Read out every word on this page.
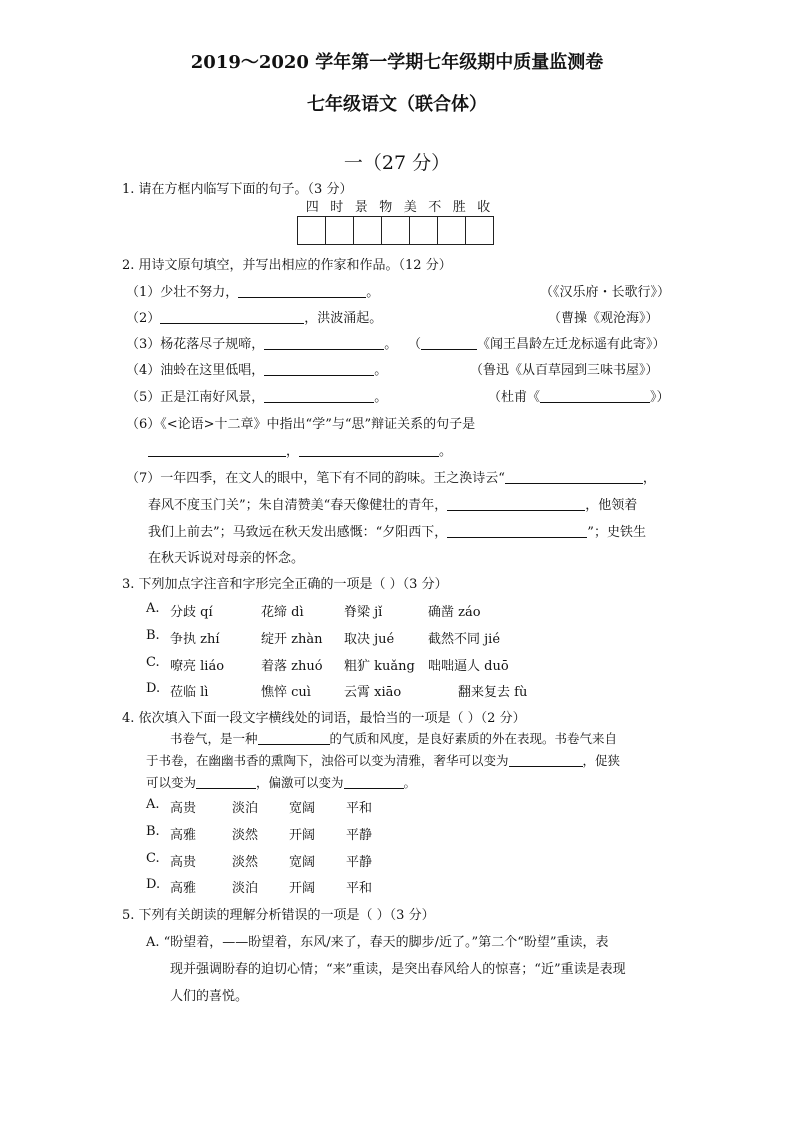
2019～2020 学年第一学期七年级期中质量监测卷
七年级语文（联合体）
一（27 分）
1. 请在方框内临写下面的句子。（3 分）
四 时 景 物 美 不 胜 收
2. 用诗文原句填空，并写出相应的作家和作品。（12 分）
（1）少壮不努力，	。	（《汉乐府・长歌行》）
（2）	，洪波涌起。	（曹操《观沧海》）
（3）杨花落尽子规啼，	。 （	《闻王昌龄左迁龙标遥有此寄》）
（4）油蛉在这里低唱，	。	（鲁迅《从百草园到三味书屋》）
（5）正是江南好风景，	。	（杜甫《	》）
（6）《<论语>十二章》中指出“学”与“思”辩证关系的句子是
，	。
（7）一年四季，在文人的眼中，笔下有不同的韵味。王之涣诗云“	，
春风不度玉门关”；朱自清赞美“春天像健壮的青年，	，他领着
我们上前去”；马致远在秋天发出感慨：“夕阳西下，	”；史铁生
在秋天诉说对母亲的怀念。
3. 下列加点字注音和字形完全正确的一项是（ ）（3 分）
A. 分歧 qí	花缔 dì	脊梁 jǐ	确凿 záo
B. 争执 zhí	绽开 zhàn 取决 jué	截然不同 jié
C. 嘹亮 liáo	着落 zhuó 粗犷 kuǎng 咄咄逼人 duō
D. 莅临 lì	憔悴 cuì	云霄 xiāo	翻来复去 fù
4. 依次填入下面一段文字横线处的词语，最恰当的一项是（ ）（2 分）
书卷气，是一种	的气质和风度，是良好素质的外在表现。书卷气来自
于书卷，在幽幽书香的熏陶下，浊俗可以变为清雅，奢华可以变为	，促狭
可以变为	，偏激可以变为	。
A. 高贵	淡泊 宽阔 平和
B. 高雅	淡然 开阔 平静
C. 高贵	淡然 宽阔 平静
D. 高雅	淡泊 开阔 平和
5. 下列有关朗读的理解分析错误的一项是（ ）（3 分）
A. “盼望着，——盼望着，东风/来了，春天的脚步/近了。”第二个“盼望”重读，表
现并强调盼春的迫切心情；“来”重读，是突出春风给人的惊喜；“近”重读是表现
人们的喜悦。
